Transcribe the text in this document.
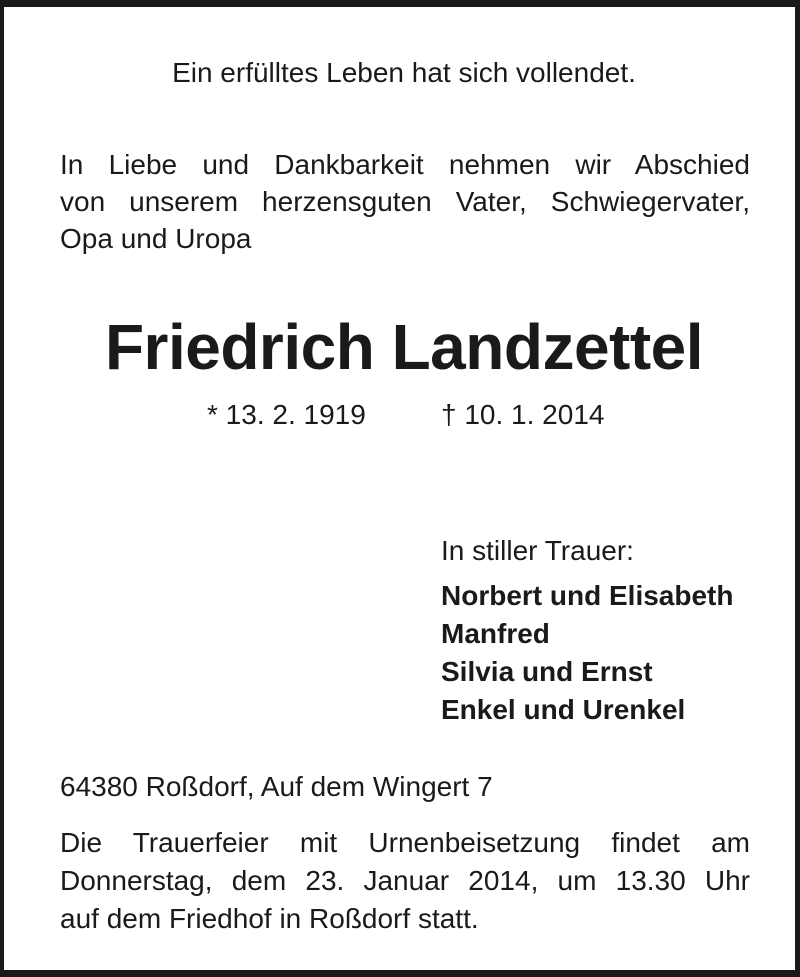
Ein erfülltes Leben hat sich vollendet.
In Liebe und Dankbarkeit nehmen wir Abschied
von unserem herzensguten Vater, Schwiegervater,
Opa und Uropa
Friedrich Landzettel
* 13. 2. 1919	† 10. 1. 2014
In stiller Trauer:
Norbert und Elisabeth
Manfred
Silvia und Ernst
Enkel und Urenkel
64380 Roßdorf, Auf dem Wingert 7
Die Trauerfeier mit Urnenbeisetzung findet am
Donnerstag, dem 23. Januar 2014, um 13.30 Uhr
auf dem Friedhof in Roßdorf statt.
